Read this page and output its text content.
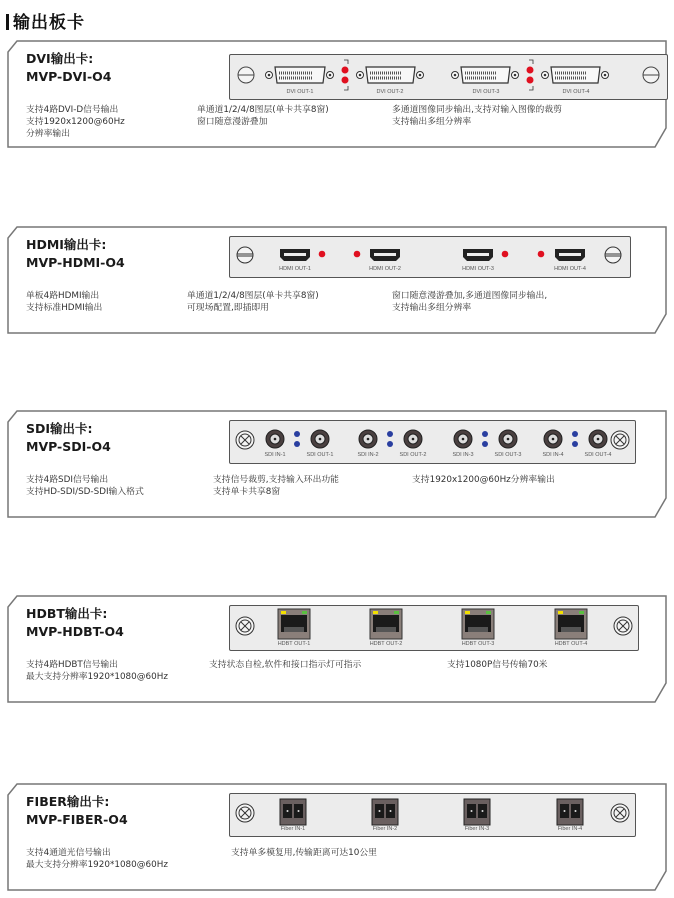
输出板卡
DVI输出卡:
MVP-DVI-O4
DVI OUT-1	DVI OUT-2	DVI OUT-3	DVI OUT-4
支持4路DVI-D信号输出
支持1920x1200@60Hz
分辨率输出
单通道1/2/4/8图层(单卡共享8窗)
窗口随意漫游叠加
多通道图像同步输出,支持对输入图像的裁剪
支持输出多组分辨率
HDMI输出卡:
MVP-HDMI-O4	HDMI OUT-1	HDMI OUT-2	HDMI OUT-3	HDMI OUT-4
单板4路HDMI输出
支持标准HDMI输出
单通道1/2/4/8图层(单卡共享8窗)
可现场配置,即插即用
窗口随意漫游叠加,多通道图像同步输出,
支持输出多组分辨率
SDI输出卡:
MVP-SDI-O4
SDI IN-1	SDI OUT-1	SDI IN-2	SDI OUT-2	SDI IN-3	SDI OUT-3	SDI IN-4	SDI OUT-4
支持4路SDI信号输出
支持HD-SDI/SD-SDI输入格式
支持信号裁剪,支持输入环出功能
支持单卡共享8窗
支持1920x1200@60Hz分辨率输出
HDBT输出卡:
MVP-HDBT-O4
HDBT OUT-1	HDBT OUT-2	HDBT OUT-3	HDBT OUT-4
支持4路HDBT信号输出
最大支持分辨率1920*1080@60Hz
支持状态自检,软件和接口指示灯可指示	支持1080P信号传输70米
FIBER输出卡:
MVP-FIBER-O4
Fiber IN-1	Fiber IN-2	Fiber IN-3	Fiber IN-4
支持4通道光信号输出
最大支持分辨率1920*1080@60Hz
支持单多模复用,传输距离可达10公里
